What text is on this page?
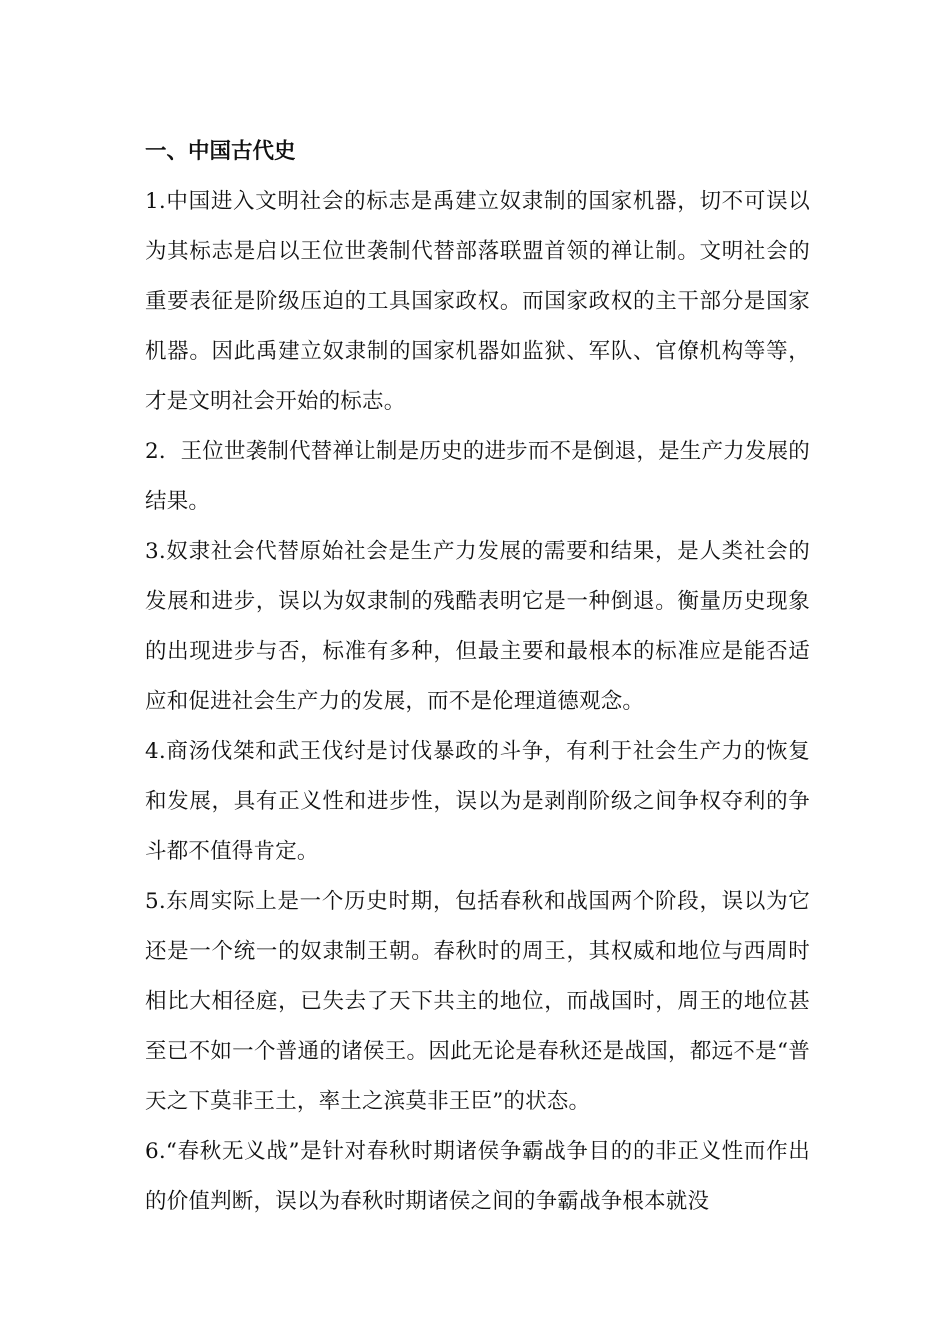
一、中国古代史

1.中国进入文明社会的标志是禹建立奴隶制的国家机器，切不可误以为其标志是启以王位世袭制代替部落联盟首领的禅让制。文明社会的重要表征是阶级压迫的工具国家政权。而国家政权的主干部分是国家机器。因此禹建立奴隶制的国家机器如监狱、军队、官僚机构等等，才是文明社会开始的标志。

2．王位世袭制代替禅让制是历史的进步而不是倒退，是生产力发展的结果。

3.奴隶社会代替原始社会是生产力发展的需要和结果，是人类社会的发展和进步，误以为奴隶制的残酷表明它是一种倒退。衡量历史现象的出现进步与否，标准有多种，但最主要和最根本的标准应是能否适应和促进社会生产力的发展，而不是伦理道德观念。

4.商汤伐桀和武王伐纣是讨伐暴政的斗争，有利于社会生产力的恢复和发展，具有正义性和进步性，误以为是剥削阶级之间争权夺利的争斗都不值得肯定。

5.东周实际上是一个历史时期，包括春秋和战国两个阶段，误以为它还是一个统一的奴隶制王朝。春秋时的周王，其权威和地位与西周时相比大相径庭，已失去了天下共主的地位，而战国时，周王的地位甚至已不如一个普通的诸侯王。因此无论是春秋还是战国，都远不是“普天之下莫非王土，率土之滨莫非王臣”的状态。

6.“春秋无义战”是针对春秋时期诸侯争霸战争目的的非正义性而作出的价值判断，误以为春秋时期诸侯之间的争霸战争根本就没
